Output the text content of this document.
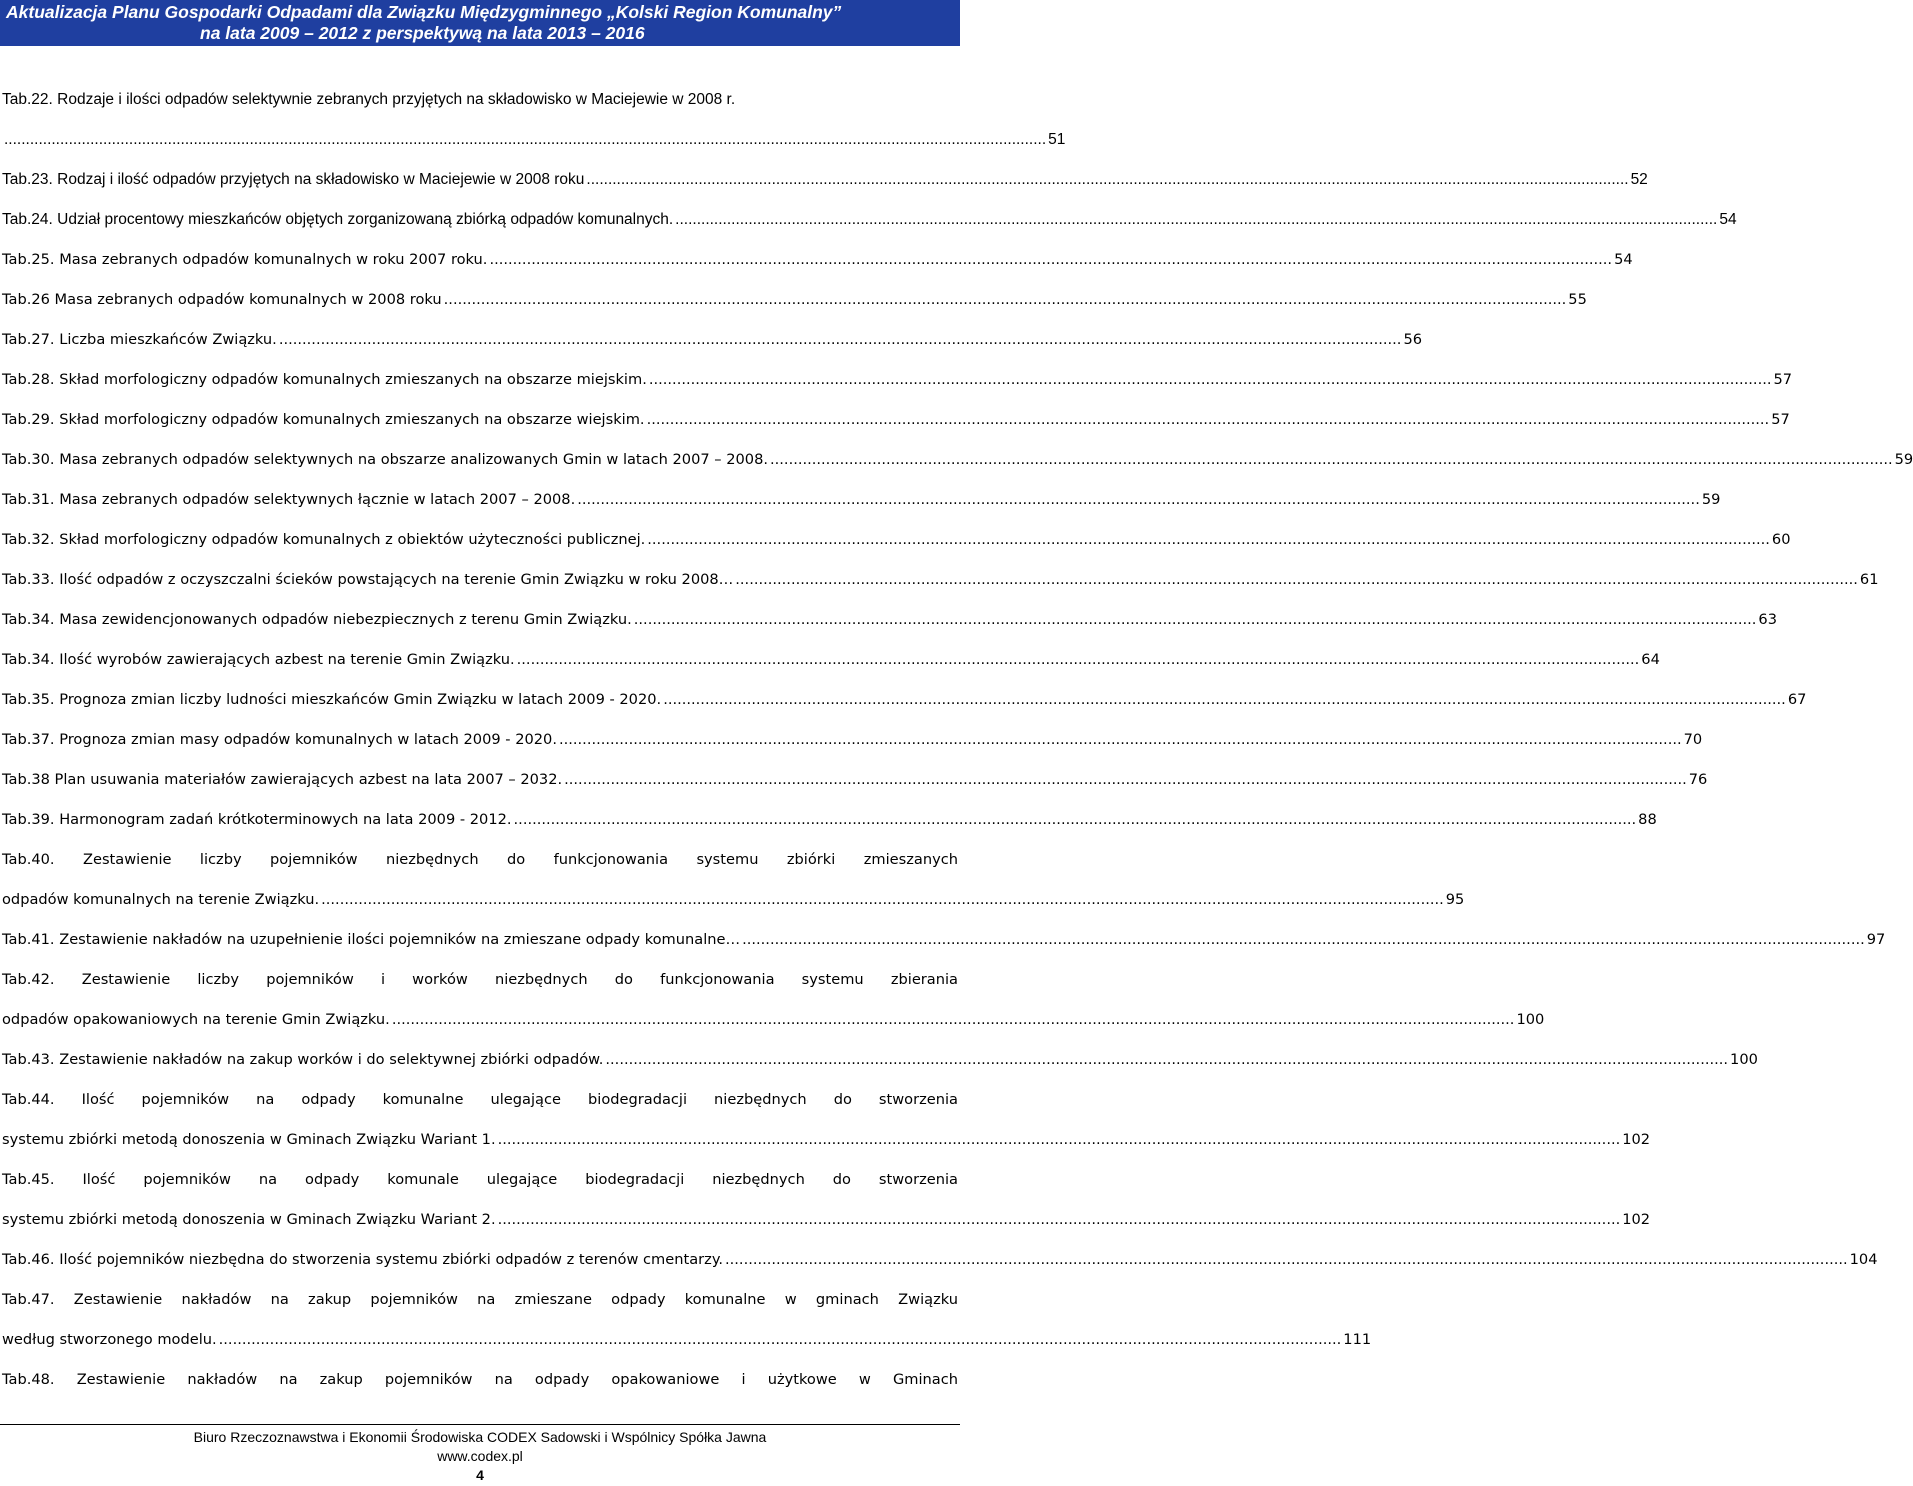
Aktualizacja Planu Gospodarki Odpadami dla Związku Międzygminnego „Kolski Region Komunalny”
na lata 2009 – 2012 z perspektywą na lata 2013 – 2016
Tab.22. Rodzaje i ilości odpadów selektywnie zebranych przyjętych na składowisko w Maciejewie w 2008 r.
.....
51
Tab.23. Rodzaj i ilość odpadów przyjętych na składowisko w Maciejewie w 2008 roku .....	52
Tab.24. Udział procentowy mieszkańców objętych zorganizowaną zbiórką odpadów komunalnych. .....	54
Tab.25. Masa zebranych odpadów komunalnych w roku 2007 roku. .....	54
Tab.26 Masa zebranych odpadów komunalnych w 2008 roku .....	55
Tab.27. Liczba mieszkańców Związku. .....	56
Tab.28. Skład morfologiczny odpadów komunalnych zmieszanych na obszarze miejskim. .....	57
Tab.29. Skład morfologiczny odpadów komunalnych zmieszanych na obszarze wiejskim. .....	57
Tab.30. Masa zebranych odpadów selektywnych na obszarze analizowanych Gmin w latach 2007 – 2008. .....	59
Tab.31. Masa zebranych odpadów selektywnych łącznie w latach 2007 – 2008. .....	59
Tab.32. Skład morfologiczny odpadów komunalnych z obiektów użyteczności publicznej. .....	60
Tab.33. Ilość odpadów z oczyszczalni ścieków powstających na terenie Gmin Związku w roku 2008… .....	61
Tab.34. Masa zewidencjonowanych odpadów niebezpiecznych z terenu Gmin Związku. .....	63
Tab.34. Ilość wyrobów zawierających azbest na terenie Gmin Związku. .....	64
Tab.35. Prognoza zmian liczby ludności mieszkańców Gmin Związku w latach 2009 - 2020. .....	67
Tab.37. Prognoza zmian masy odpadów komunalnych w latach 2009 - 2020. .....	70
Tab.38 Plan usuwania materiałów zawierających azbest na lata 2007 – 2032. .....	76
Tab.39. Harmonogram zadań krótkoterminowych na lata 2009 - 2012. .....	88
Tab.40. Zestawienie liczby pojemników niezbędnych do funkcjonowania systemu zbiórki zmieszanych
odpadów komunalnych na terenie Związku. .....	95
Tab.41. Zestawienie nakładów na uzupełnienie ilości pojemników na zmieszane odpady komunalne… .....	97
Tab.42. Zestawienie liczby pojemników i worków niezbędnych do funkcjonowania systemu zbierania
odpadów opakowaniowych na terenie Gmin Związku. .....	100
Tab.43. Zestawienie nakładów na zakup worków i do selektywnej zbiórki odpadów. .....	100
Tab.44. Ilość pojemników na odpady komunalne ulegające biodegradacji niezbędnych do stworzenia
systemu zbiórki metodą donoszenia w Gminach Związku Wariant 1. .....	102
Tab.45. Ilość pojemników na odpady komunale ulegające biodegradacji niezbędnych do stworzenia
systemu zbiórki metodą donoszenia w Gminach Związku Wariant 2. .....	102
Tab.46. Ilość pojemników niezbędna do stworzenia systemu zbiórki odpadów z terenów cmentarzy. .....	104
Tab.47. Zestawienie nakładów na zakup pojemników na zmieszane odpady komunalne w gminach Związku
według stworzonego modelu. .....	111
Tab.48. Zestawienie nakładów na zakup pojemników na odpady opakowaniowe i użytkowe w Gminach
Biuro Rzeczoznawstwa i Ekonomii Środowiska CODEX Sadowski i Wspólnicy Spółka Jawna
www.codex.pl
4
